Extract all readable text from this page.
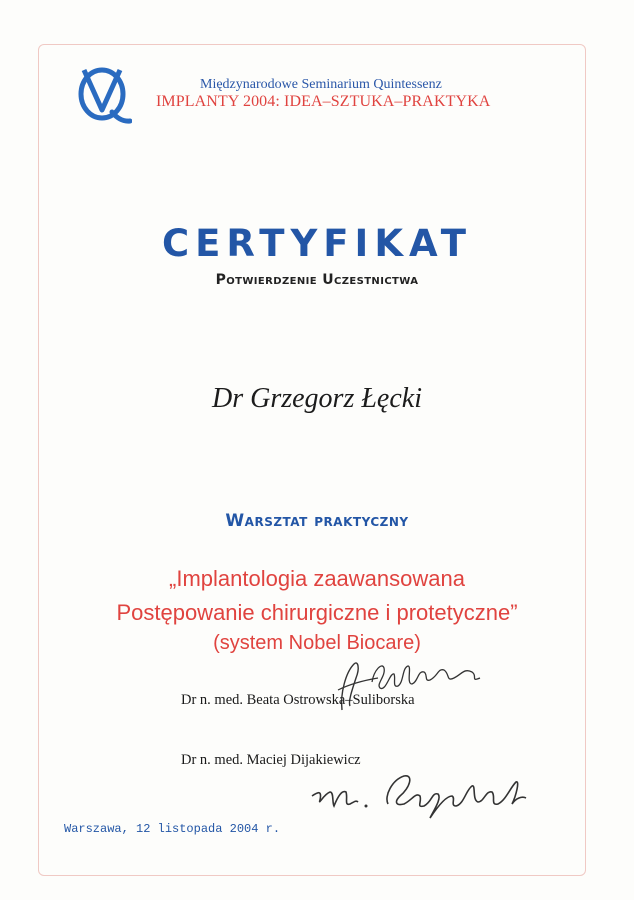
Międzynarodowe Seminarium Quintessenz
IMPLANTY 2004: IDEA–SZTUKA–PRAKTYKA
CERTYFIKAT
Potwierdzenie Uczestnictwa
Dr Grzegorz Łęcki
Warsztat praktyczny
„Implantologia zaawansowana
Postępowanie chirurgiczne i protetyczne”
(system Nobel Biocare)
Dr n. med. Beata Ostrowska–Suliborska
Dr n. med. Maciej Dijakiewicz
Warszawa, 12 listopada 2004 r.
